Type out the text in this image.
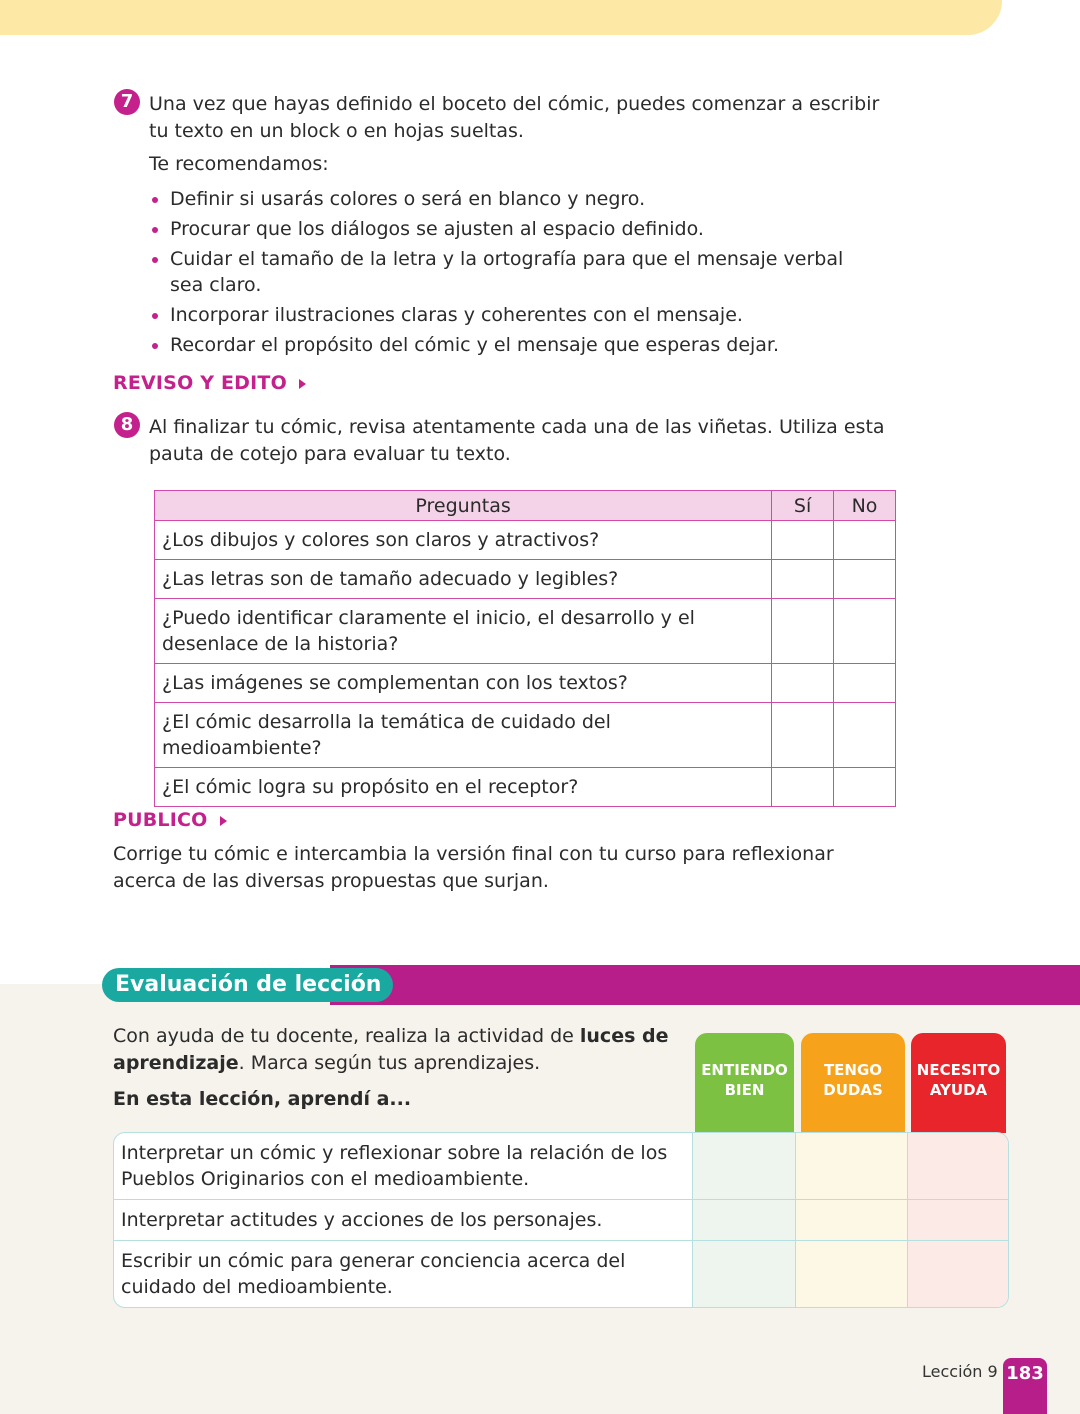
7 Una vez que hayas definido el boceto del cómic, puedes comenzar a escribir tu texto en un block o en hojas sueltas.
Te recomendamos:
Definir si usarás colores o será en blanco y negro.
Procurar que los diálogos se ajusten al espacio definido.
Cuidar el tamaño de la letra y la ortografía para que el mensaje verbal sea claro.
Incorporar ilustraciones claras y coherentes con el mensaje.
Recordar el propósito del cómic y el mensaje que esperas dejar.
REVISO Y EDITO
8 Al finalizar tu cómic, revisa atentamente cada una de las viñetas. Utiliza esta pauta de cotejo para evaluar tu texto.
Preguntas	Sí	No
¿Los dibujos y colores son claros y atractivos?		
¿Las letras son de tamaño adecuado y legibles?		
¿Puedo identificar claramente el inicio, el desarrollo y el desenlace de la historia?		
¿Las imágenes se complementan con los textos?		
¿El cómic desarrolla la temática de cuidado del medioambiente?		
¿El cómic logra su propósito en el receptor?		
PUBLICO
Corrige tu cómic e intercambia la versión final con tu curso para reflexionar acerca de las diversas propuestas que surjan.
Evaluación de lección
Con ayuda de tu docente, realiza la actividad de luces de aprendizaje. Marca según tus aprendizajes.
En esta lección, aprendí a...
ENTIENDO BIEN
TENGO DUDAS
NECESITO AYUDA
Interpretar un cómic y reflexionar sobre la relación de los Pueblos Originarios con el medioambiente.			
Interpretar actitudes y acciones de los personajes.			
Escribir un cómic para generar conciencia acerca del cuidado del medioambiente.			
Lección 9 183
